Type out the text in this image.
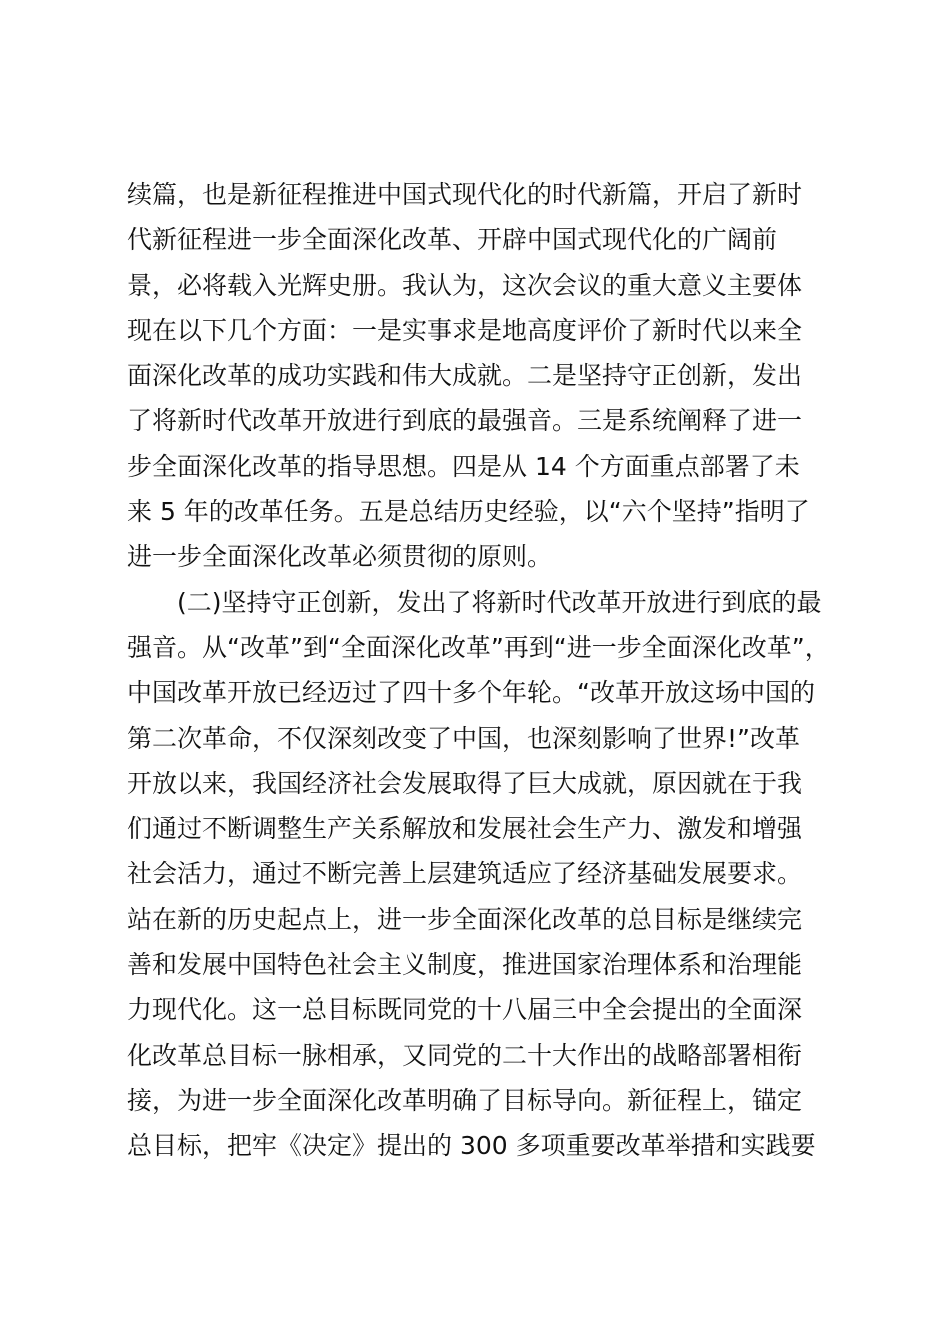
续篇，也是新征程推进中国式现代化的时代新篇，开启了新时
代新征程进一步全面深化改革、开辟中国式现代化的广阔前
景，必将载入光辉史册。我认为，这次会议的重大意义主要体
现在以下几个方面：一是实事求是地高度评价了新时代以来全
面深化改革的成功实践和伟大成就。二是坚持守正创新，发出
了将新时代改革开放进行到底的最强音。三是系统阐释了进一
步全面深化改革的指导思想。四是从 14 个方面重点部署了未
来 5 年的改革任务。五是总结历史经验，以“六个坚持”指明了
进一步全面深化改革必须贯彻的原则。
(二)坚持守正创新，发出了将新时代改革开放进行到底的最
强音。从“改革”到“全面深化改革”再到“进一步全面深化改革”，
中国改革开放已经迈过了四十多个年轮。“改革开放这场中国的
第二次革命，不仅深刻改变了中国，也深刻影响了世界!”改革
开放以来，我国经济社会发展取得了巨大成就，原因就在于我
们通过不断调整生产关系解放和发展社会生产力、激发和增强
社会活力，通过不断完善上层建筑适应了经济基础发展要求。
站在新的历史起点上，进一步全面深化改革的总目标是继续完
善和发展中国特色社会主义制度，推进国家治理体系和治理能
力现代化。这一总目标既同党的十八届三中全会提出的全面深
化改革总目标一脉相承，又同党的二十大作出的战略部署相衔
接，为进一步全面深化改革明确了目标导向。新征程上，锚定
总目标，把牢《决定》提出的 300 多项重要改革举措和实践要
